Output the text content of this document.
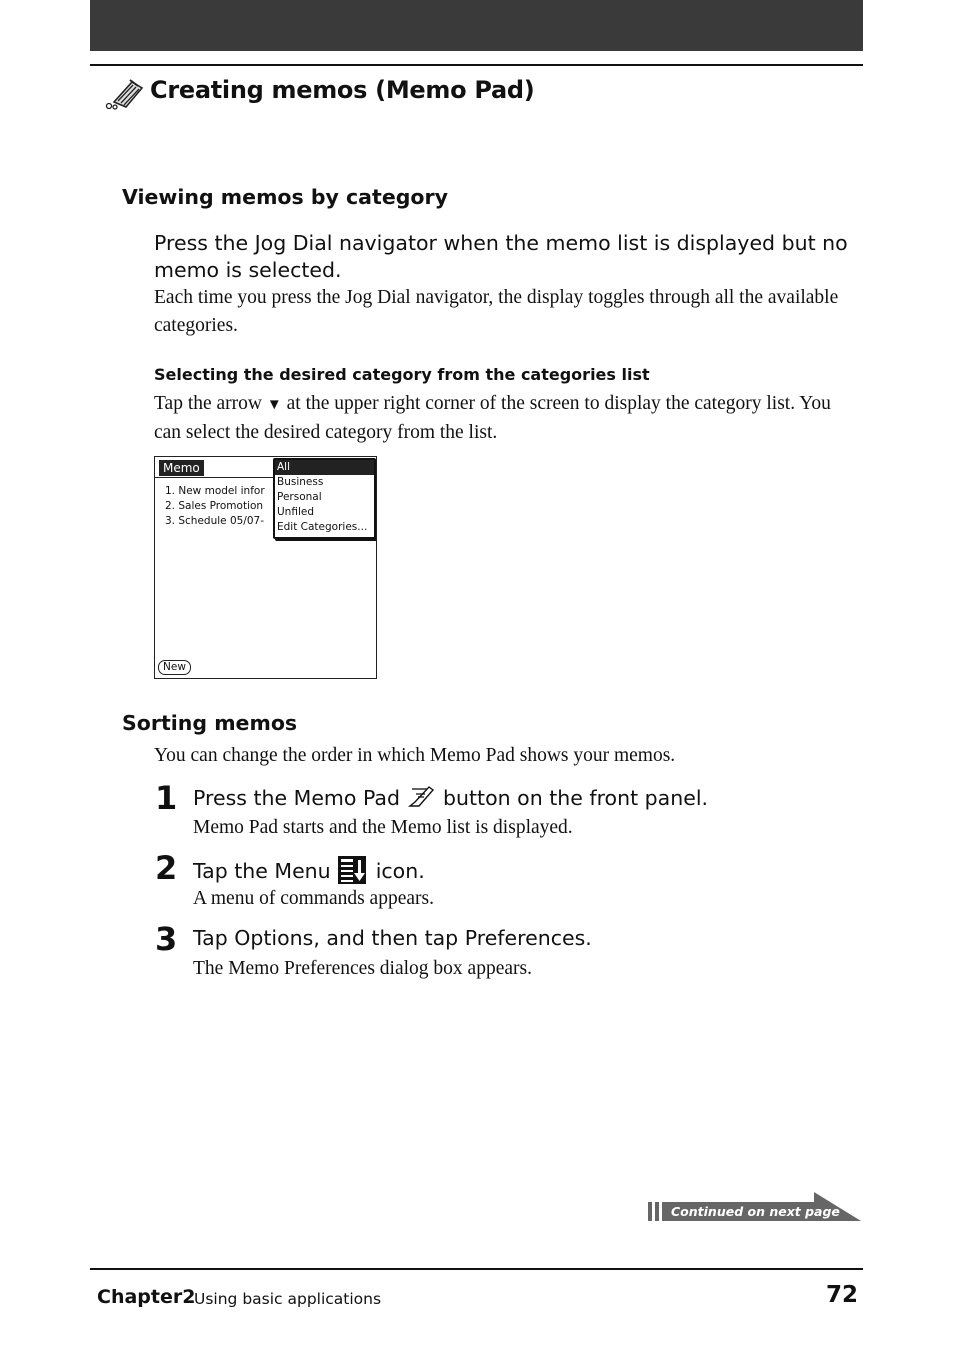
Creating memos (Memo Pad)
Viewing memos by category
Press the Jog Dial navigator when the memo list is displayed but no memo is selected.
Each time you press the Jog Dial navigator, the display toggles through all the available categories.
Selecting the desired category from the categories list
Tap the arrow ▼ at the upper right corner of the screen to display the category list. You can select the desired category from the list.
Memo
1. New model infor
2. Sales Promotion
3. Schedule 05/07-
All
Business
Personal
Unfiled
Edit Categories...
New
Sorting memos
You can change the order in which Memo Pad shows your memos.
1 Press the Memo Pad  button on the front panel.
Memo Pad starts and the Memo list is displayed.
2 Tap the Menu  icon.
A menu of commands appears.
3 Tap Options, and then tap Preferences.
The Memo Preferences dialog box appears.
Continued on next page
Chapter2
Using basic applications	72
